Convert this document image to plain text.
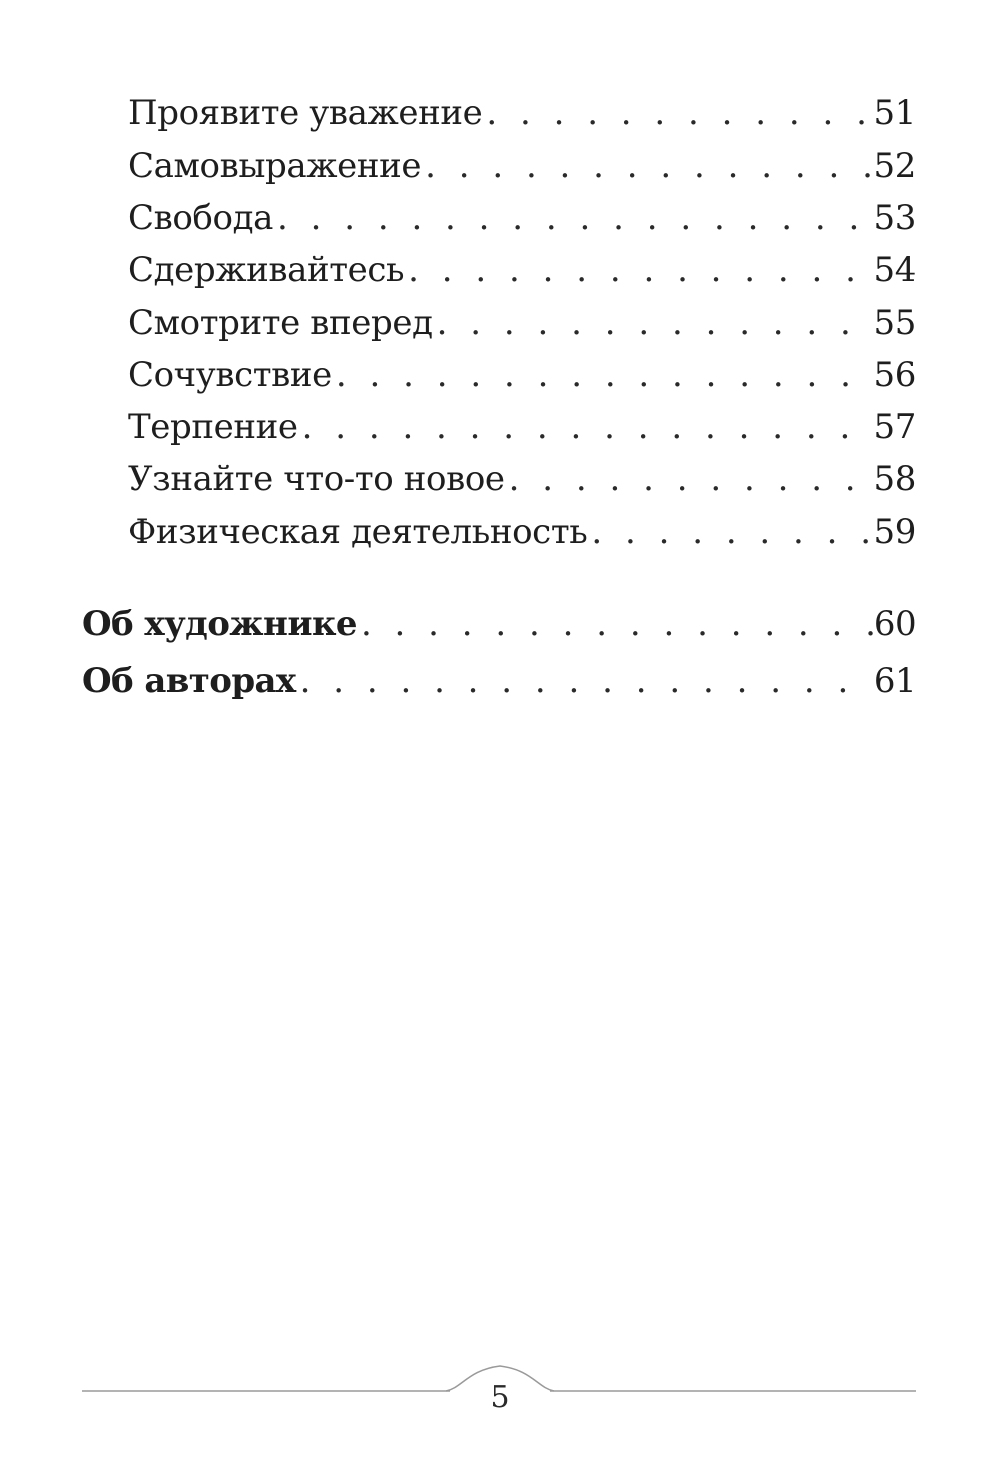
Проявите уважение . . .	51
Самовыражение . . .	52
Свобода . . .	53
Сдерживайтесь . . .	54
Смотрите вперед . . .	55
Сочувствие . . .	56
Терпение . . .	57
Узнайте что-то новое . . .	58
Физическая деятельность . . .	59
Об художнике . . .	60
Об авторах . . .	61
5
